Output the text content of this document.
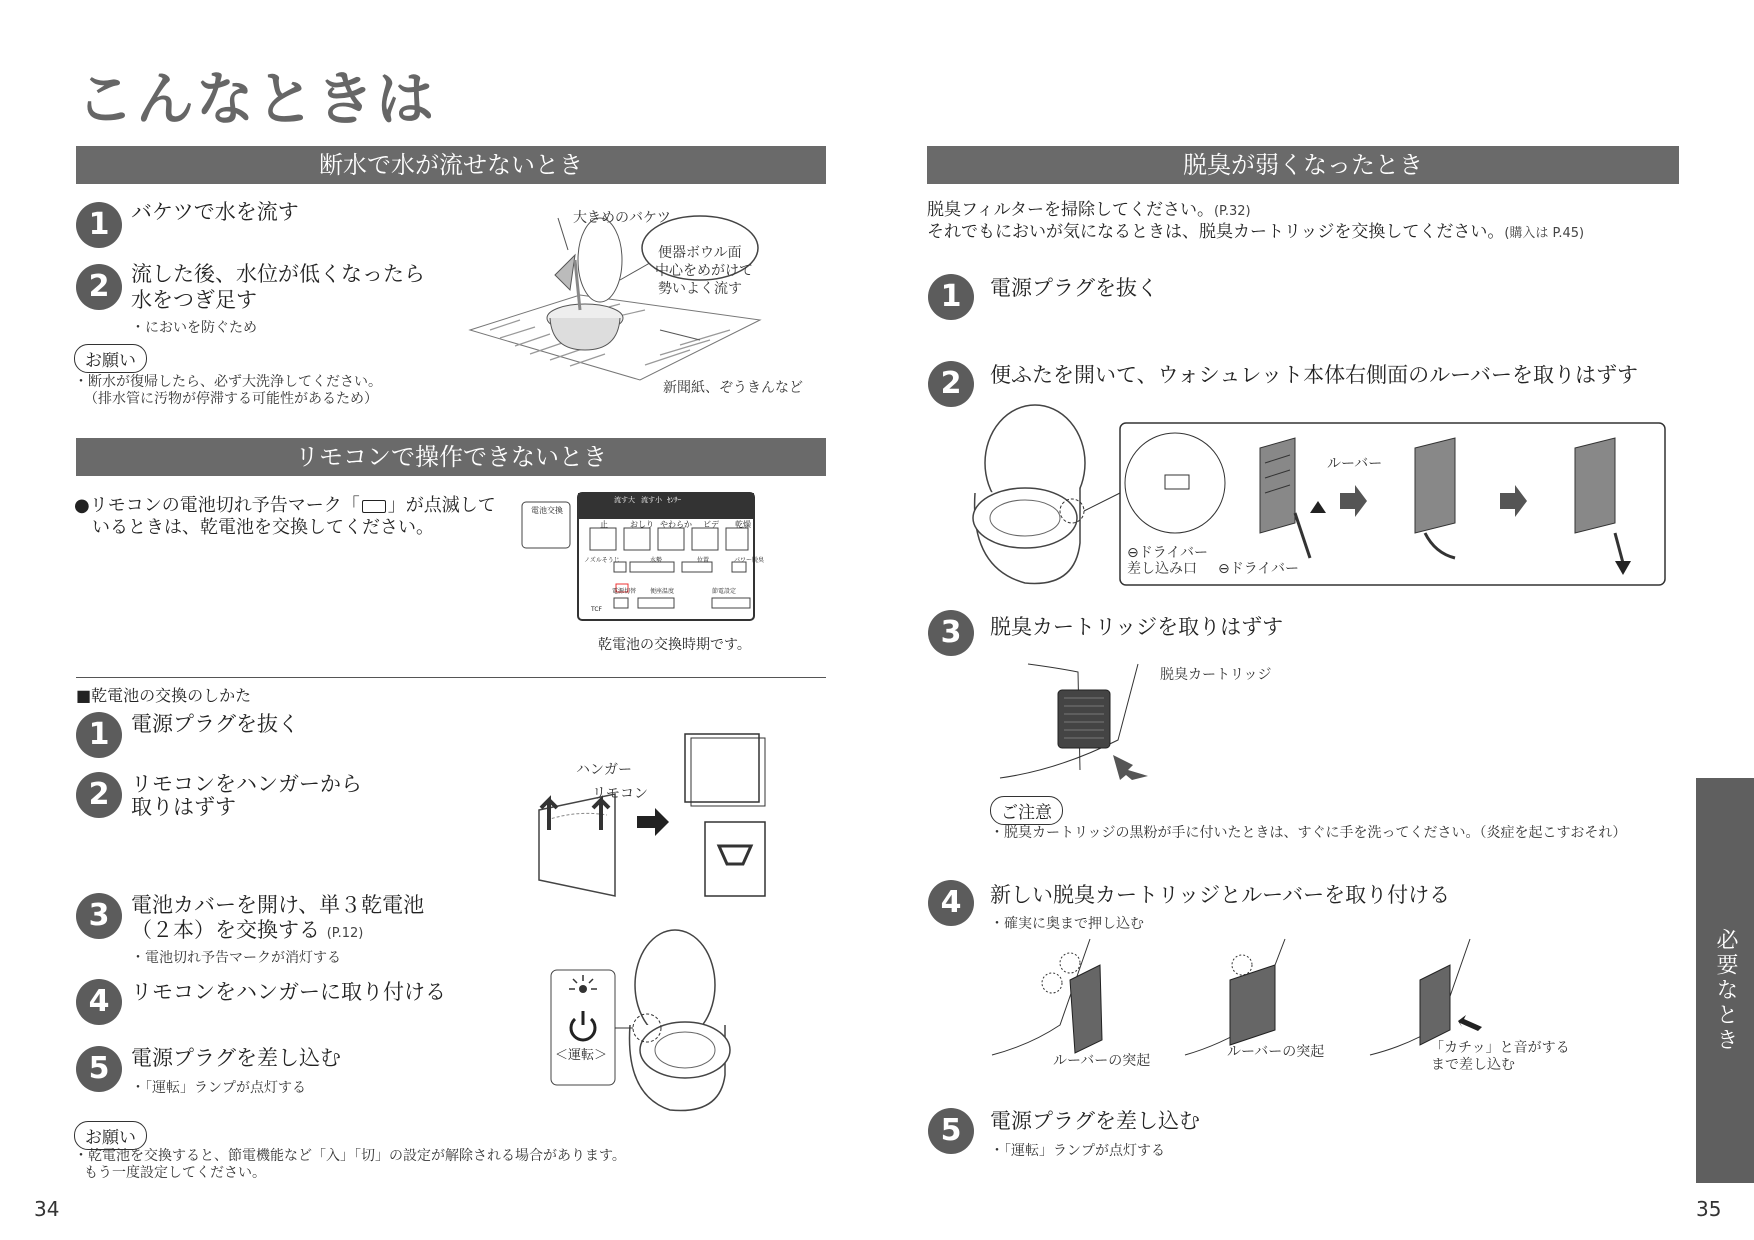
こんなときは
断水で水が流せないとき
1	バケツで水を流す
2	流した後、水位が低くなったら
水をつぎ足す
・においを防ぐため
お願い
・断水が復帰したら、必ず大洗浄してください。
（排水管に汚物が停滞する可能性があるため）
大きめのバケツ
便器ボウル面
中心をめがけて
勢いよく流す
新聞紙、ぞうきんなど
リモコンで操作できないとき
●リモコンの電池切れ予告マーク「 」が点滅して
いるときは、乾電池を交換してください。
電池交換
流す大 流す小 ｾﾝｻｰ
止	おしり やわらか ビデ 乾燥
ノズルそうじ	水勢	位置	パワー脱臭
電源切替 便座温度	節電設定
TCF
乾電池の交換時期です。
■乾電池の交換のしかた
1	電源プラグを抜く
2	リモコンをハンガーから
取りはずす
ハンガー
リモコン
3	電池カバーを開け、単３乾電池
（２本）を交換する (P.12)
・電池切れ予告マークが消灯する
4	リモコンをハンガーに取り付ける
5	電源プラグを差し込む
・「運転」ランプが点灯する
＜運転＞
お願い
・乾電池を交換すると、節電機能など「入」「切」の設定が解除される場合があります。
もう一度設定してください。
34
脱臭が弱くなったとき
脱臭フィルターを掃除してください。(P.32)
それでもにおいが気になるときは、脱臭カートリッジを交換してください。(購入は P.45)
1	電源プラグを抜く
2	便ふたを開いて、ウォシュレット本体右側面のルーバーを取りはずす
ルーバー
⊖ドライバー
差し込み口 ⊖ドライバー
3	脱臭カートリッジを取りはずす
脱臭カートリッジ
ご注意
・脱臭カートリッジの黒粉が手に付いたときは、すぐに手を洗ってください。（炎症を起こすおそれ）
4	新しい脱臭カートリッジとルーバーを取り付ける
・確実に奥まで押し込む
ルーバーの突起
ルーバーの突起	「カチッ」と音がする
まで差し込む
5	電源プラグを差し込む
・「運転」ランプが点灯する
必要なとき
35
